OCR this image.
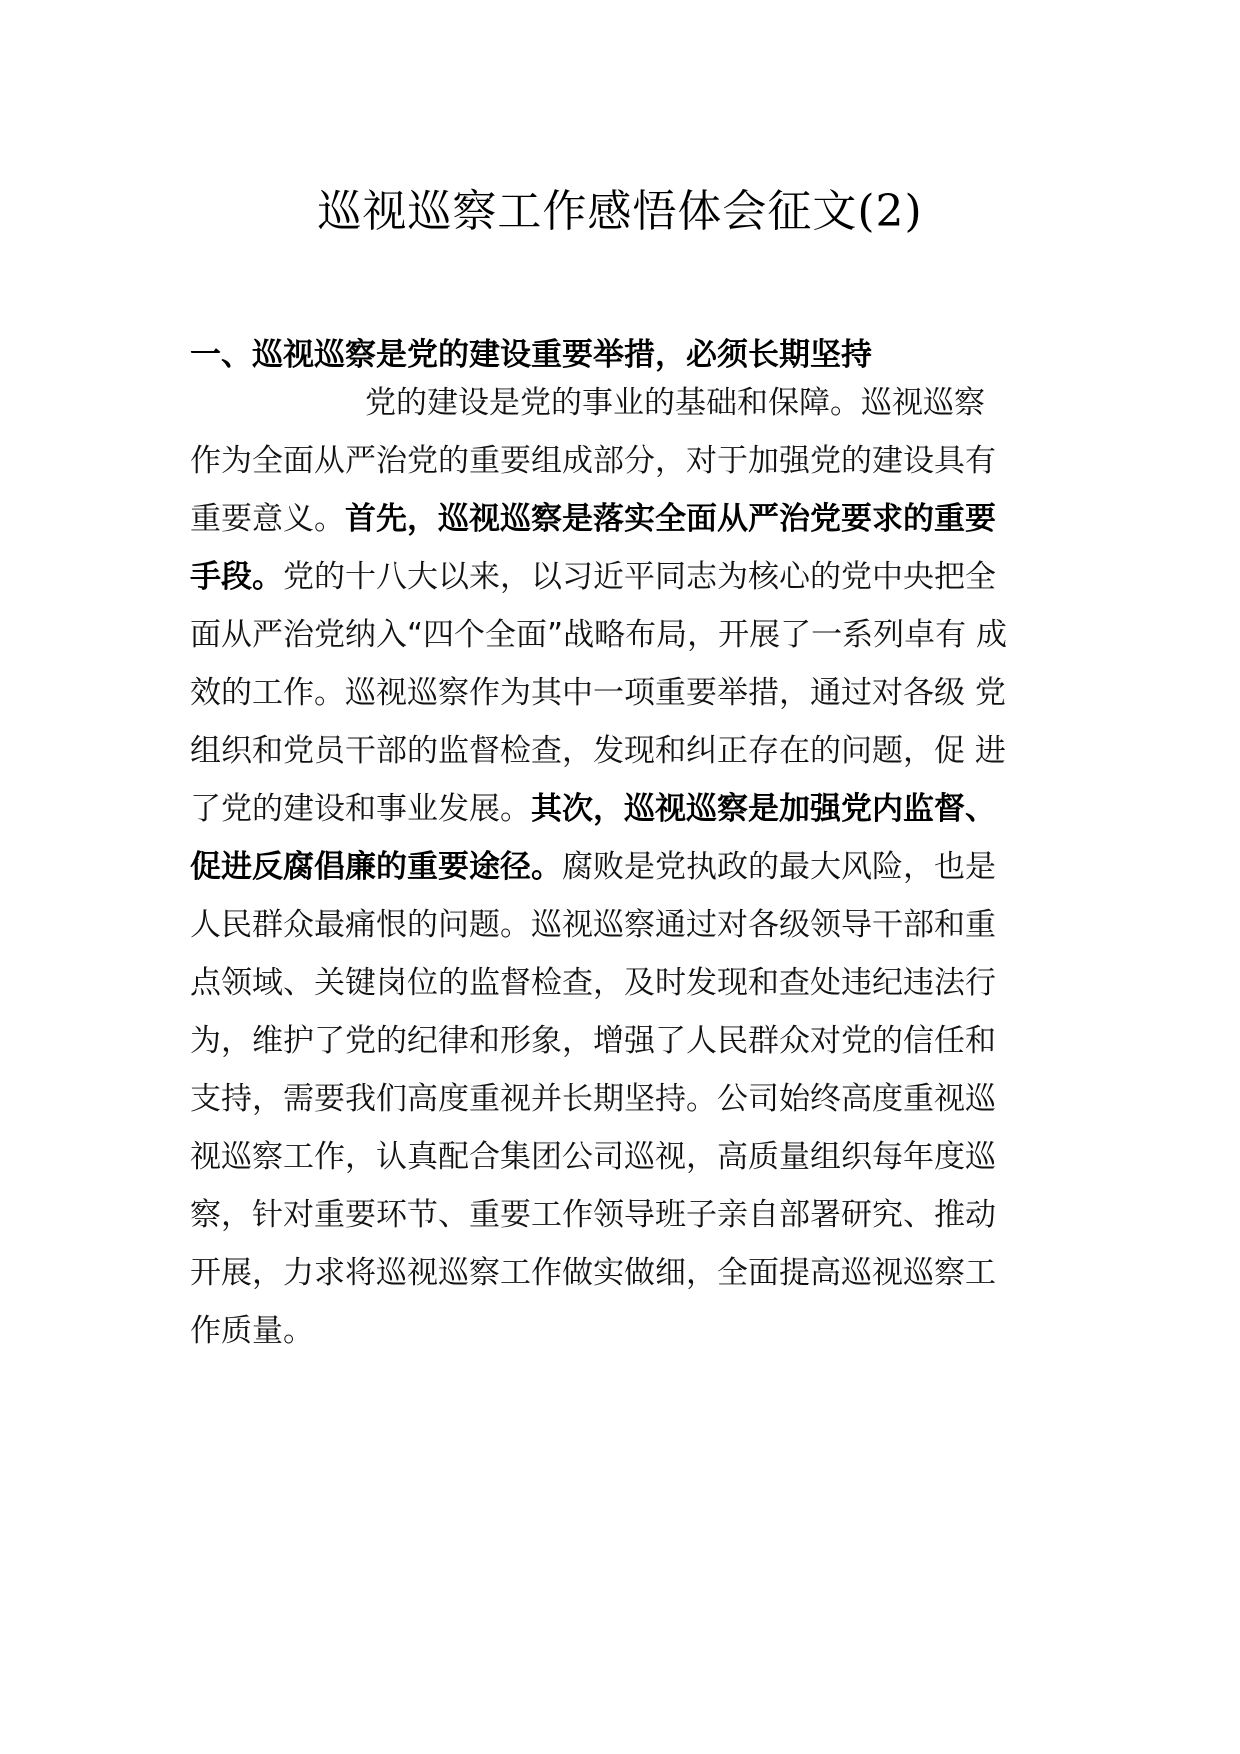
巡视巡察工作感悟体会征文(2)
一、巡视巡察是党的建设重要举措，必须长期坚持
党的建设是党的事业的基础和保障。巡视巡察
作为全面从严治党的重要组成部分，对于加强党的建设具有
重要意义。首先，巡视巡察是落实全面从严治党要求的重要
手段。党的十八大以来，以习近平同志为核心的党中央把全
面从严治党纳入“四个全面”战略布局，开展了一系列卓有 成
效的工作。巡视巡察作为其中一项重要举措，通过对各级 党
组织和党员干部的监督检查，发现和纠正存在的问题，促 进
了党的建设和事业发展。其次，巡视巡察是加强党内监督、
促进反腐倡廉的重要途径。腐败是党执政的最大风险，也是
人民群众最痛恨的问题。巡视巡察通过对各级领导干部和重
点领域、关键岗位的监督检查，及时发现和查处违纪违法行
为，维护了党的纪律和形象，增强了人民群众对党的信任和
支持，需要我们高度重视并长期坚持。公司始终高度重视巡
视巡察工作，认真配合集团公司巡视，高质量组织每年度巡
察，针对重要环节、重要工作领导班子亲自部署研究、推动
开展，力求将巡视巡察工作做实做细，全面提高巡视巡察工
作质量。
